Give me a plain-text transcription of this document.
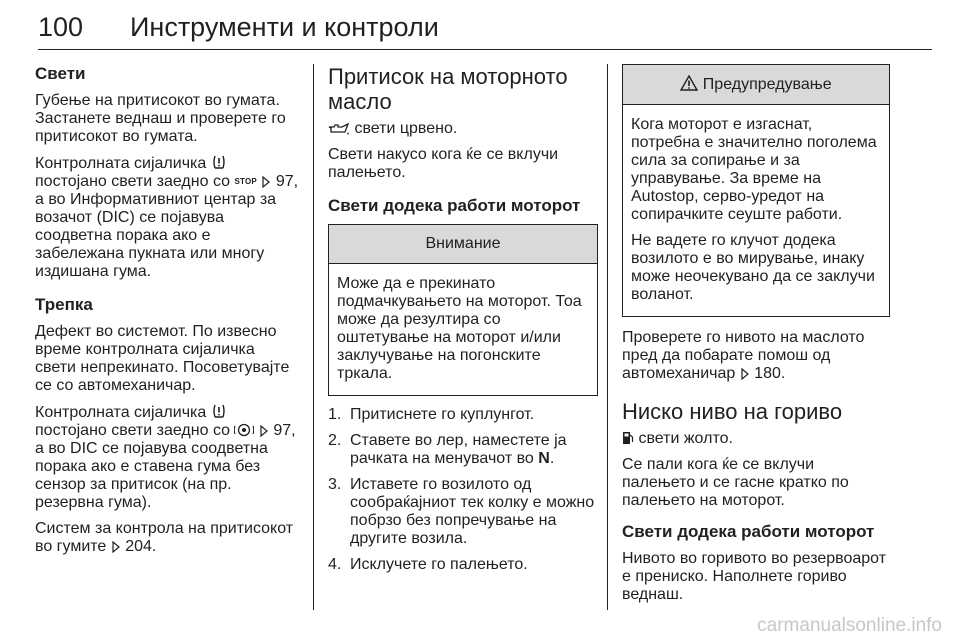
100 Инструменти и контроли
Свети

Губење на притисокот во гумата. Застанете веднаш и проверете го притисокот во гумата.

Контролната сијаличка  постојано свети заедно со STOP 97, а во Информативниот центар за возачот (DIC) се појавува соодветна порака ако е забележана пукната или многу издишана гума.

Трепка

Дефект во системот. По извесно време контролната сијаличка свети непрекинато. Посоветувајте се со автомеханичар.

Контролната сијаличка  постојано свети заедно со	97, а во DIC се појавува соодветна порака ако е ставена гума без сензор за притисок (на пр. резервна гума).

Систем за контрола на притисокот во гумите 204.

Притисок на моторното масло

свети црвено.

Свети накусо кога ќе се вклучи палењето.

Свети додека работи моторот
Внимание

Може да е прекинато подмачкувањето на моторот. Тоа може да резултира со оштетување на моторот и/или заклучување на погонските тркала.

1. Притиснете го куплунгот.
2. Ставете во лер, наместете ја рачката на менувачот во N.
3. Иставете го возилото од сообраќајниот тек колку е можно побрзо без попречување на другите возила.
4. Исклучете го палењето.
Предупредување

Кога моторот е изгаснат, потребна е значително поголема сила за сопирање и за управување. За време на Autostop, серво-уредот на сопирачките сеуште работи.

Не вадете го клучот додека возилото е во мирување, инаку може неочекувано да се заклучи воланот.

Проверете го нивото на маслото пред да побарате помош од автомеханичар 180.

Ниско ниво на гориво

свети жолто.

Се пали кога ќе се вклучи палењето и се гасне кратко по палењето на моторот.

Свети додека работи моторот

Нивото во горивото во резервоарот е прениско. Наполнете гориво веднаш.

carmanualsonline.info
